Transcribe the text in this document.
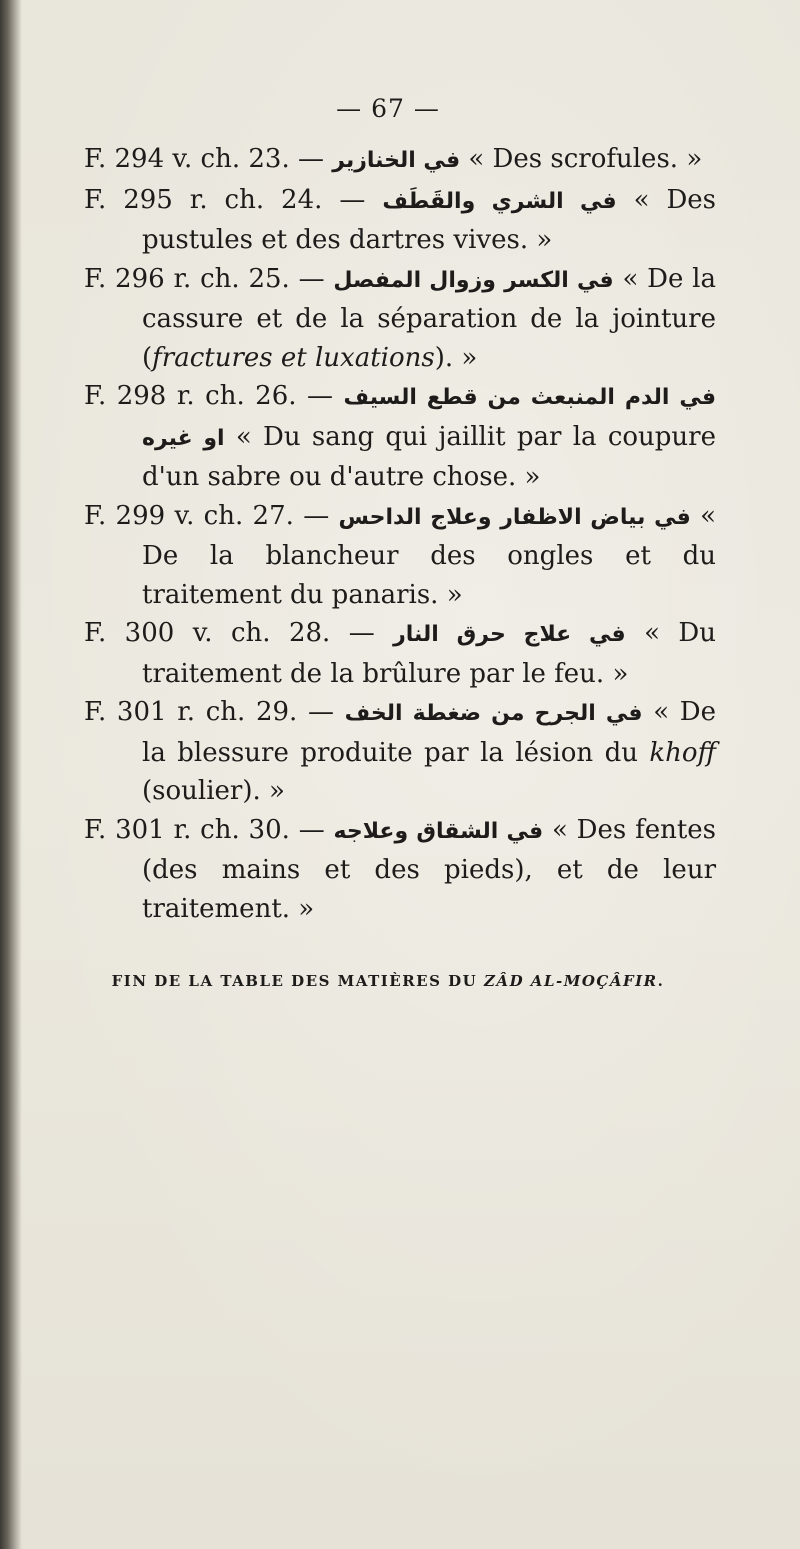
— 67 —

F. 294 v. ch. 23. — في الخنازير « Des scrofules. »

F. 295 r. ch. 24. — في الشري والقَطَف « Des pustules et des dartres vives. »

F. 296 r. ch. 25. — في الكسر وزوال المفصل « De la cassure et de la séparation de la jointure (fractures et luxations). »

F. 298 r. ch. 26. — في الدم المنبعث من قطع السيف او غيره « Du sang qui jaillit par la coupure d'un sabre ou d'autre chose. »

F. 299 v. ch. 27. — في بياض الاظفار وعلاج الداحس « De la blancheur des ongles et du traitement du panaris. »

F. 300 v. ch. 28. — في علاج حرق النار « Du traitement de la brûlure par le feu. »

F. 301 r. ch. 29. — في الجرح من ضغطة الخف « De la blessure produite par la lésion du khoff (soulier). »

F. 301 r. ch. 30. — في الشقاق وعلاجه « Des fentes (des mains et des pieds), et de leur traitement. »

FIN DE LA TABLE DES MATIÈRES DU ZÂD AL-MOÇÂFIR.
